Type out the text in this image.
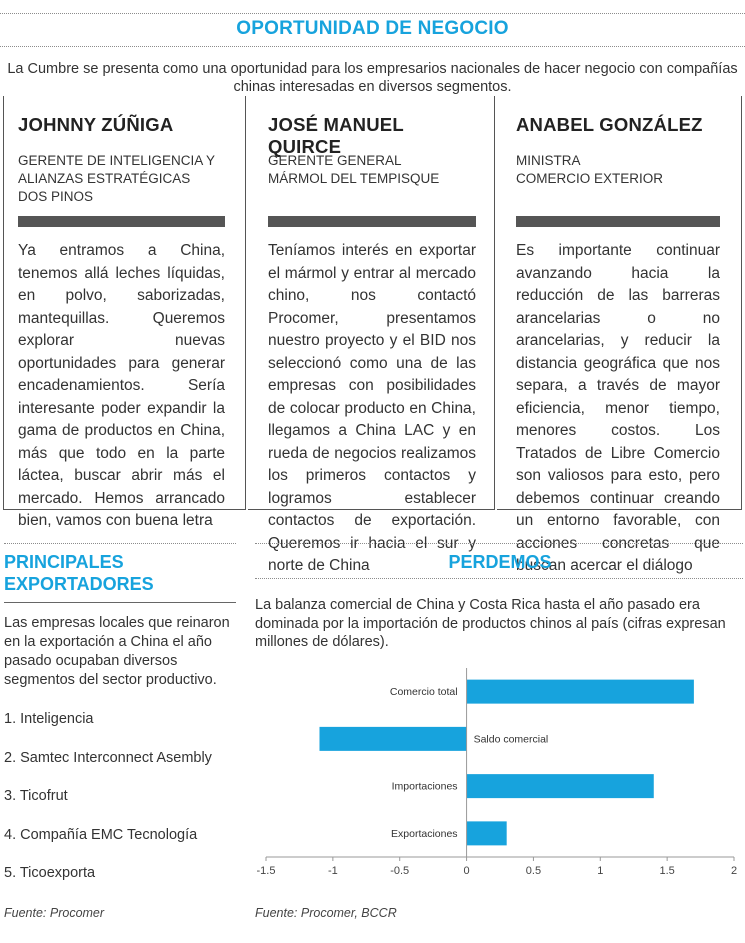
OPORTUNIDAD DE NEGOCIO
La Cumbre se presenta como una oportunidad para los empresarios nacionales de hacer negocio con compañías chinas interesadas en diversos segmentos.
JOHNNY ZÚÑIGA
GERENTE DE INTELIGENCIA Y
ALIANZAS ESTRATÉGICAS
DOS PINOS
Ya entramos a China, tenemos allá leches líquidas, en polvo, saborizadas, mantequillas. Queremos explorar nuevas oportunidades para generar encadenamientos. Sería interesante poder expandir la gama de productos en China, más que todo en la parte láctea, buscar abrir más el mercado. Hemos arrancado bien, vamos con buena letra
JOSÉ MANUEL QUIRCE
GERENTE GENERAL
MÁRMOL DEL TEMPISQUE
Teníamos interés en exportar el mármol y entrar al mercado chino, nos contactó Procomer, presentamos nuestro proyecto y el BID nos seleccionó como una de las empresas con posibilidades de colocar producto en China, llegamos a China LAC y en rueda de negocios realizamos los primeros contactos y logramos establecer contactos de exportación. Queremos ir hacia el sur y norte de China
ANABEL GONZÁLEZ
MINISTRA
COMERCIO EXTERIOR
Es importante continuar avanzando hacia la reducción de las barreras arancelarias o no arancelarias, y reducir la distancia geográfica que nos separa, a través de mayor eficiencia, menor tiempo, menores costos. Los Tratados de Libre Comercio son valiosos para esto, pero debemos continuar creando un entorno favorable, con acciones concretas que buscan acercar el diálogo
PRINCIPALES
EXPORTADORES
Las empresas locales que reinaron en la exportación a China el año pasado ocupaban diversos segmentos del sector productivo.
1. Inteligencia
2. Samtec Interconnect Asembly
3. Ticofrut
4. Compañía EMC Tecnología
5. Ticoexporta
Fuente: Procomer
PERDEMOS
La balanza comercial de China y Costa Rica hasta el año pasado era dominada por la importación de productos chinos al país (cifras expresan millones de dólares).
-1.5	-1	-0.5	0	0.5	1	1.5	2
Comercio total
Saldo comercial
Importaciones
Exportaciones
Fuente: Procomer, BCCR
